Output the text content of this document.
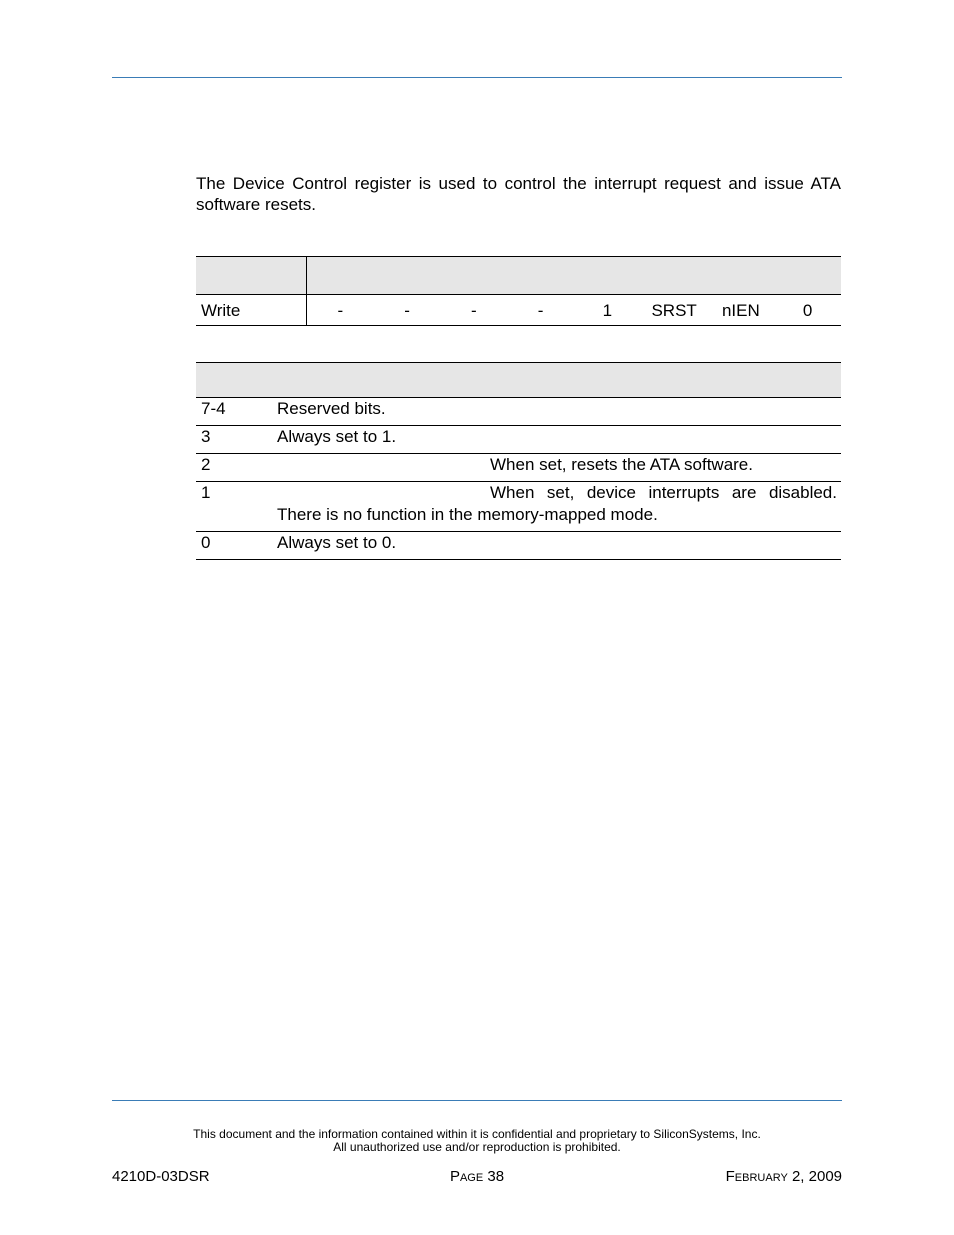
The Device Control register is used to control the interrupt request and issue ATA software resets.

Write	-	-	-	-	1	SRST	nIEN	0
7-4	Reserved bits.
3	Always set to 1.
2	When set, resets the ATA software.
1	When set, device interrupts are disabled. There is no function in the memory-mapped mode.
0	Always set to 0.
This document and the information contained within it is confidential and proprietary to SiliconSystems, Inc.
All unauthorized use and/or reproduction is prohibited.
4210D-03DSR	PAGE 38	FEBRUARY 2, 2009
